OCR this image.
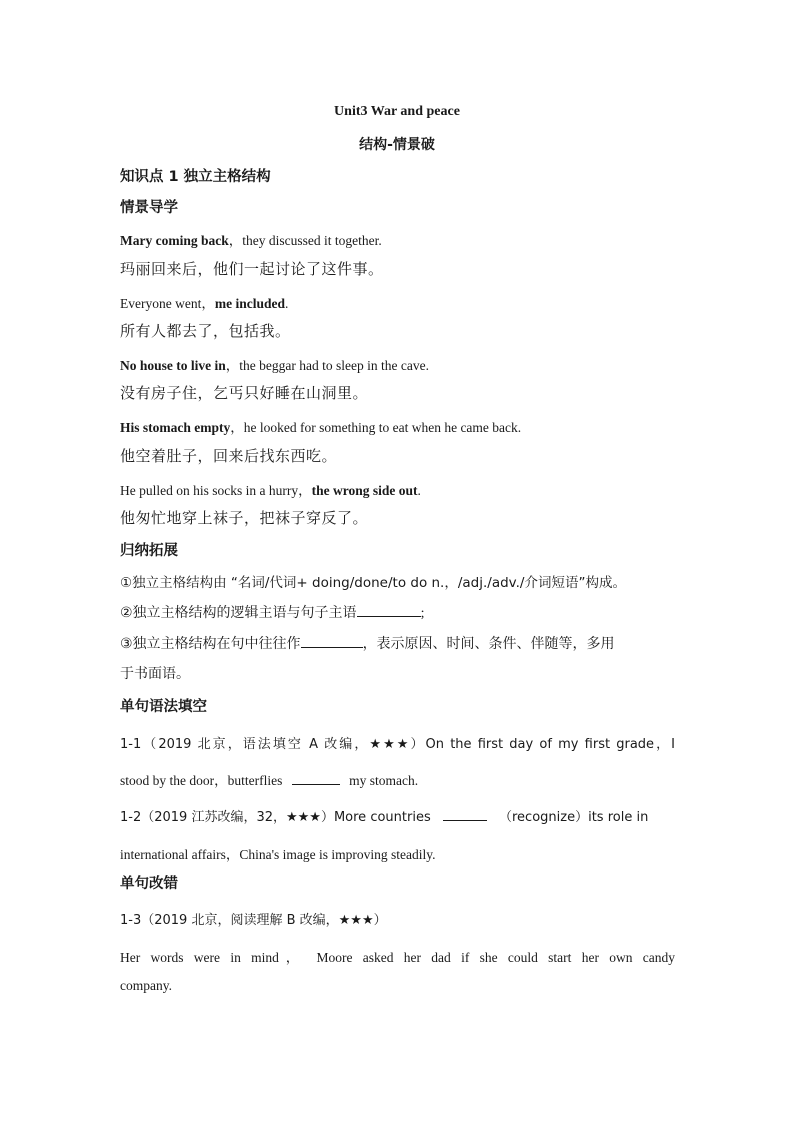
Unit3 War and peace
结构-情景破
知识点 1 独立主格结构
情景导学
Mary coming back，they discussed it together.
玛丽回来后，他们一起讨论了这件事。
Everyone went，me included.
所有人都去了，包括我。
No house to live in，the beggar had to sleep in the cave.
没有房子住，乞丐只好睡在山洞里。
His stomach empty，he looked for something to eat when he came back.
他空着肚子，回来后找东西吃。
He pulled on his socks in a hurry，the wrong side out.
他匆忙地穿上袜子，把袜子穿反了。
归纳拓展
①独立主格结构由 “名词/代词+ doing/done/to do n.，/adj./adv./介词短语”构成。
②独立主格结构的逻辑主语与句子主语	;
③独立主格结构在句中往往作	，表示原因、时间、条件、伴随等，多用
于书面语。
单句语法填空
1-1（2019 北京，语法填空 A 改编，★★★）On the first day of my first grade，I
stood by the door，butterflies	my stomach.
1-2（2019 江苏改编，32，★★★）More countries	（recognize）its role in
international affairs，China's image is improving steadily.
单句改错
1-3（2019 北京，阅读理解 B 改编，★★★）
Her words were in mind， Moore asked her dad if she could start her own candy
company.
